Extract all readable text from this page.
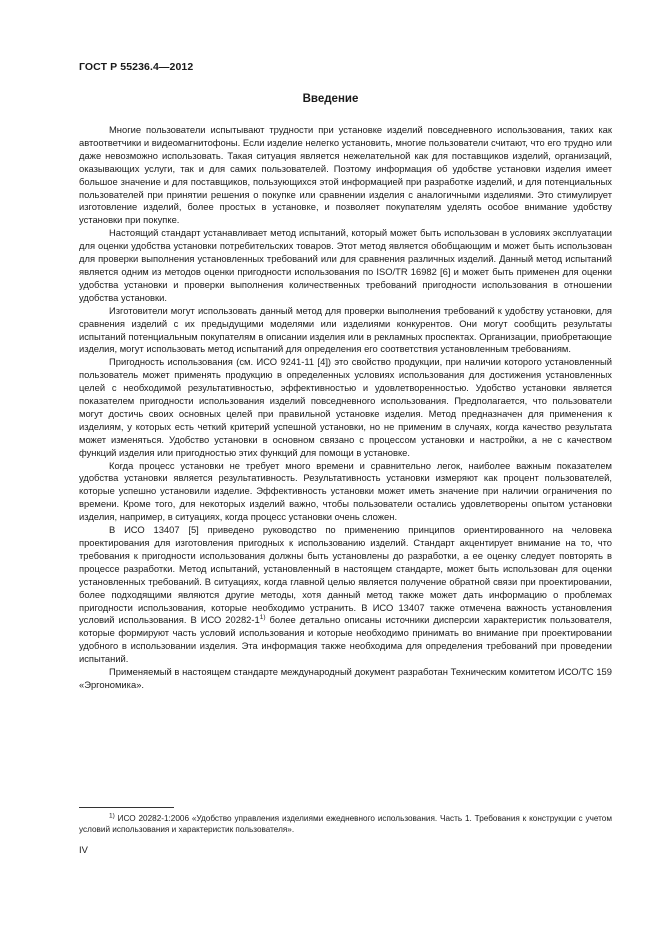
ГОСТ Р 55236.4—2012
Введение

Многие пользователи испытывают трудности при установке изделий повседневного использования, таких как автоответчики и видеомагнитофоны. Если изделие нелегко установить, многие пользователи считают, что его трудно или даже невозможно использовать. Такая ситуация является нежелательной как для поставщиков изделий, организаций, оказывающих услуги, так и для самих пользователей. Поэтому информация об удобстве установки изделия имеет большое значение и для поставщиков, пользующихся этой информацией при разработке изделий, и для потенциальных пользователей при принятии решения о покупке или сравнении изделия с аналогичными изделиями. Это стимулирует изготовление изделий, более простых в установке, и позволяет покупателям уделять особое внимание удобству установки при покупке.

Настоящий стандарт устанавливает метод испытаний, который может быть использован в условиях эксплуатации для оценки удобства установки потребительских товаров. Этот метод является обобщающим и может быть использован для проверки выполнения установленных требований или для сравнения различных изделий. Данный метод испытаний является одним из методов оценки пригодности использования по ISO/TR 16982 [6] и может быть применен для оценки удобства установки и проверки выполнения количественных требований пригодности использования в отношении удобства установки.

Изготовители могут использовать данный метод для проверки выполнения требований к удобству установки, для сравнения изделий с их предыдущими моделями или изделиями конкурентов. Они могут сообщить результаты испытаний потенциальным покупателям в описании изделия или в рекламных проспектах. Организации, приобретающие изделия, могут использовать метод испытаний для определения его соответствия установленным требованиям.

Пригодность использования (см. ИСО 9241-11 [4]) это свойство продукции, при наличии которого установленный пользователь может применять продукцию в определенных условиях использования для достижения установленных целей с необходимой результативностью, эффективностью и удовлетворенностью. Удобство установки является показателем пригодности использования изделий повседневного использования. Предполагается, что пользователи могут достичь своих основных целей при правильной установке изделия. Метод предназначен для применения к изделиям, у которых есть четкий критерий успешной установки, но не применим в случаях, когда качество результата может изменяться. Удобство установки в основном связано с процессом установки и настройки, а не с качеством функций изделия или пригодностью этих функций для помощи в установке.

Когда процесс установки не требует много времени и сравнительно легок, наиболее важным показателем удобства установки является результативность. Результативность установки измеряют как процент пользователей, которые успешно установили изделие. Эффективность установки может иметь значение при наличии ограничения по времени. Кроме того, для некоторых изделий важно, чтобы пользователи остались удовлетворены опытом установки изделия, например, в ситуациях, когда процесс установки очень сложен.

В ИСО 13407 [5] приведено руководство по применению принципов ориентированного на человека проектирования для изготовления пригодных к использованию изделий. Стандарт акцентирует внимание на то, что требования к пригодности использования должны быть установлены до разработки, а ее оценку следует повторять в процессе разработки. Метод испытаний, установленный в настоящем стандарте, может быть использован для оценки установленных требований. В ситуациях, когда главной целью является получение обратной связи при проектировании, более подходящими являются другие методы, хотя данный метод также может дать информацию о проблемах пригодности использования, которые необходимо устранить. В ИСО 13407 также отмечена важность установления условий использования. В ИСО 20282-1$^{1)}$ более детально описаны источники дисперсии характеристик пользователя, которые формируют часть условий использования и которые необходимо принимать во внимание при проектировании удобного в использовании изделия. Эта информация также необходима для определения требований при проведении испытаний.

Применяемый в настоящем стандарте международный документ разработан Техническим комитетом ИСО/ТС 159 «Эргономика».

$^{1)}$ ИСО 20282-1:2006 «Удобство управления изделиями ежедневного использования. Часть 1. Требования к конструкции с учетом условий использования и характеристик пользователя».
IV
